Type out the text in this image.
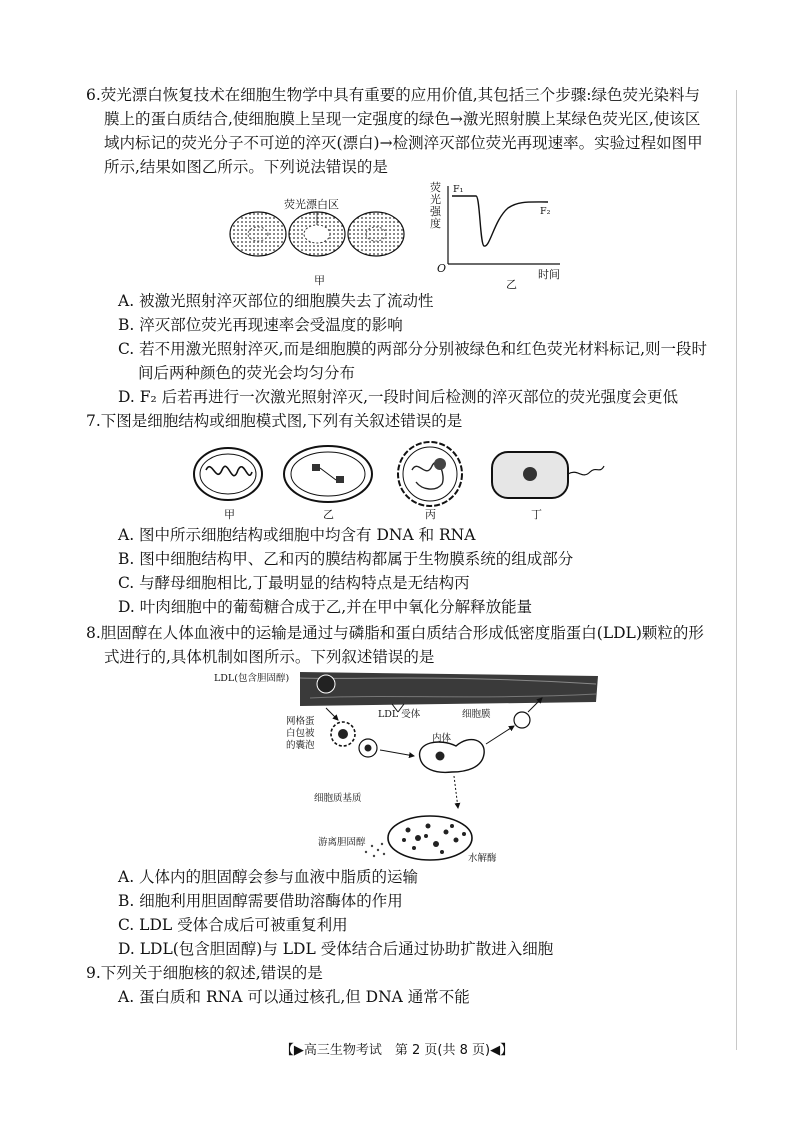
6.荧光漂白恢复技术在细胞生物学中具有重要的应用价值,其包括三个步骤:绿色荧光染料与
膜上的蛋白质结合,使细胞膜上呈现一定强度的绿色→激光照射膜上某绿色荧光区,使该区
域内标记的荧光分子不可逆的淬灭(漂白)→检测淬灭部位荧光再现速率。实验过程如图甲
所示,结果如图乙所示。下列说法错误的是
荧光漂白区
甲
荧
光
强
度
F₁
F₂
O	时间
乙
A. 被激光照射淬灭部位的细胞膜失去了流动性
B. 淬灭部位荧光再现速率会受温度的影响
C. 若不用激光照射淬灭,而是细胞膜的两部分分别被绿色和红色荧光材料标记,则一段时
间后两种颜色的荧光会均匀分布
D. F₂ 后若再进行一次激光照射淬灭,一段时间后检测的淬灭部位的荧光强度会更低
7.下图是细胞结构或细胞模式图,下列有关叙述错误的是
甲	乙	丙	丁
A. 图中所示细胞结构或细胞中均含有 DNA 和 RNA
B. 图中细胞结构甲、乙和丙的膜结构都属于生物膜系统的组成部分
C. 与酵母细胞相比,丁最明显的结构特点是无结构丙
D. 叶肉细胞中的葡萄糖合成于乙,并在甲中氧化分解释放能量
8.胆固醇在人体血液中的运输是通过与磷脂和蛋白质结合形成低密度脂蛋白(LDL)颗粒的形
式进行的,具体机制如图所示。下列叙述错误的是
LDL(包含胆固醇)
LDL 受体	细胞膜
网格蛋
白包被
的囊泡
内体
细胞质基质
游离胆固醇
水解酶
A. 人体内的胆固醇会参与血液中脂质的运输
B. 细胞利用胆固醇需要借助溶酶体的作用
C. LDL 受体合成后可被重复利用
D. LDL(包含胆固醇)与 LDL 受体结合后通过协助扩散进入细胞
9.下列关于细胞核的叙述,错误的是
A. 蛋白质和 RNA 可以通过核孔,但 DNA 通常不能
【▶高三生物考试　第 2 页(共 8 页)◀】
